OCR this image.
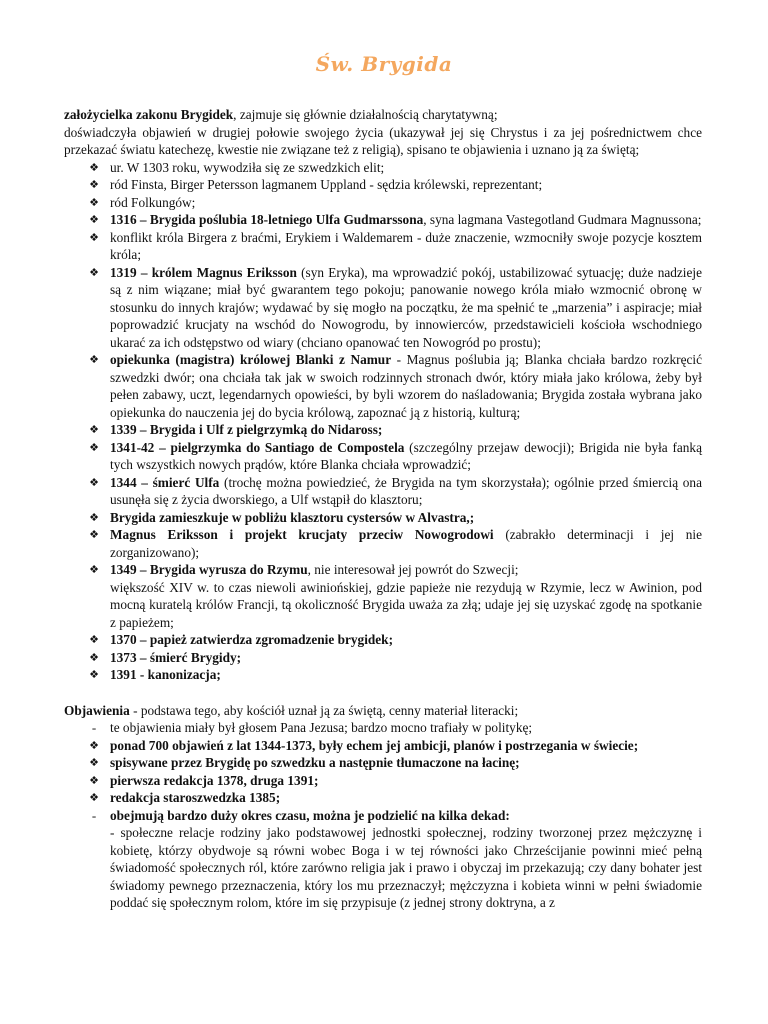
Św. Brygida

założycielka zakonu Brygidek, zajmuje się głównie działalnością charytatywną;

doświadczyła objawień w drugiej połowie swojego życia (ukazywał jej się Chrystus i za jej pośrednictwem chce przekazać światu katechezę, kwestie nie związane też z religią), spisano te objawienia i uznano ją za świętą;

❖ ur. W 1303 roku, wywodziła się ze szwedzkich elit;
❖ ród Finsta, Birger Petersson lagmanem Uppland - sędzia królewski, reprezentant;
❖ ród Folkungów;
❖ 1316 – Brygida poślubia 18-letniego Ulfa Gudmarssona, syna lagmana Vastegotland Gudmara Magnussona;
❖ konflikt króla Birgera z braćmi, Erykiem i Waldemarem - duże znaczenie, wzmocniły swoje pozycje kosztem króla;
❖ 1319 – królem Magnus Eriksson (syn Eryka), ma wprowadzić pokój, ustabilizować sytuację; duże nadzieje są z nim wiązane; miał być gwarantem tego pokoju; panowanie nowego króla miało wzmocnić obronę w stosunku do innych krajów; wydawać by się mogło na początku, że ma spełnić te „marzenia” i aspiracje; miał poprowadzić krucjaty na wschód do Nowogrodu, by innowierców, przedstawicieli kościoła wschodniego ukarać za ich odstępstwo od wiary (chciano opanować ten Nowogród po prostu);
❖ opiekunka (magistra) królowej Blanki z Namur - Magnus poślubia ją; Blanka chciała bardzo rozkręcić szwedzki dwór; ona chciała tak jak w swoich rodzinnych stronach dwór, który miała jako królowa, żeby był pełen zabawy, uczt, legendarnych opowieści, by byli wzorem do naśladowania; Brygida została wybrana jako opiekunka do nauczenia jej do bycia królową, zapoznać ją z historią, kulturą;
❖ 1339 – Brygida i Ulf z pielgrzymką do Nidaross;
❖ 1341-42 – pielgrzymka do Santiago de Compostela (szczególny przejaw dewocji); Brigida nie była fanką tych wszystkich nowych prądów, które Blanka chciała wprowadzić;
❖ 1344 – śmierć Ulfa (trochę można powiedzieć, że Brygida na tym skorzystała); ogólnie przed śmiercią ona usunęła się z życia dworskiego, a Ulf wstąpił do klasztoru;
❖ Brygida zamieszkuje w pobliżu klasztoru cystersów w Alvastra,;
❖ Magnus Eriksson i projekt krucjaty przeciw Nowogrodowi (zabrakło determinacji i jej nie zorganizowano);
❖ 1349 – Brygida wyrusza do Rzymu, nie interesował jej powrót do Szwecji;
większość XIV w. to czas niewoli awiniońskiej, gdzie papieże nie rezydują w Rzymie, lecz w Awinion, pod mocną kuratelą królów Francji, tą okoliczność Brygida uważa za złą; udaje jej się uzyskać zgodę na spotkanie z papieżem;
❖ 1370 – papież zatwierdza zgromadzenie brygidek;
❖ 1373 – śmierć Brygidy;
❖ 1391 - kanonizacja;

Objawienia - podstawa tego, aby kościół uznał ją za świętą, cenny materiał literacki;

-	te objawienia miały był głosem Pana Jezusa; bardzo mocno trafiały w politykę;
❖ ponad 700 objawień z lat 1344-1373, były echem jej ambicji, planów i postrzegania w świecie;
❖ spisywane przez Brygidę po szwedzku a następnie tłumaczone na łacinę;
❖ pierwsza redakcja 1378, druga 1391;
❖ redakcja staroszwedzka 1385;
-	obejmują bardzo duży okres czasu, można je podzielić na kilka dekad:
- społeczne relacje rodziny jako podstawowej jednostki społecznej, rodziny tworzonej przez mężczyznę i kobietę, którzy obydwoje są równi wobec Boga i w tej równości jako Chrześcijanie powinni mieć pełną świadomość społecznych ról, które zarówno religia jak i prawo i obyczaj im przekazują; czy dany bohater jest świadomy pewnego przeznaczenia, który los mu przeznaczył; mężczyzna i kobieta winni w pełni świadomie poddać się społecznym rolom, które im się przypisuje (z jednej strony doktryna, a z
